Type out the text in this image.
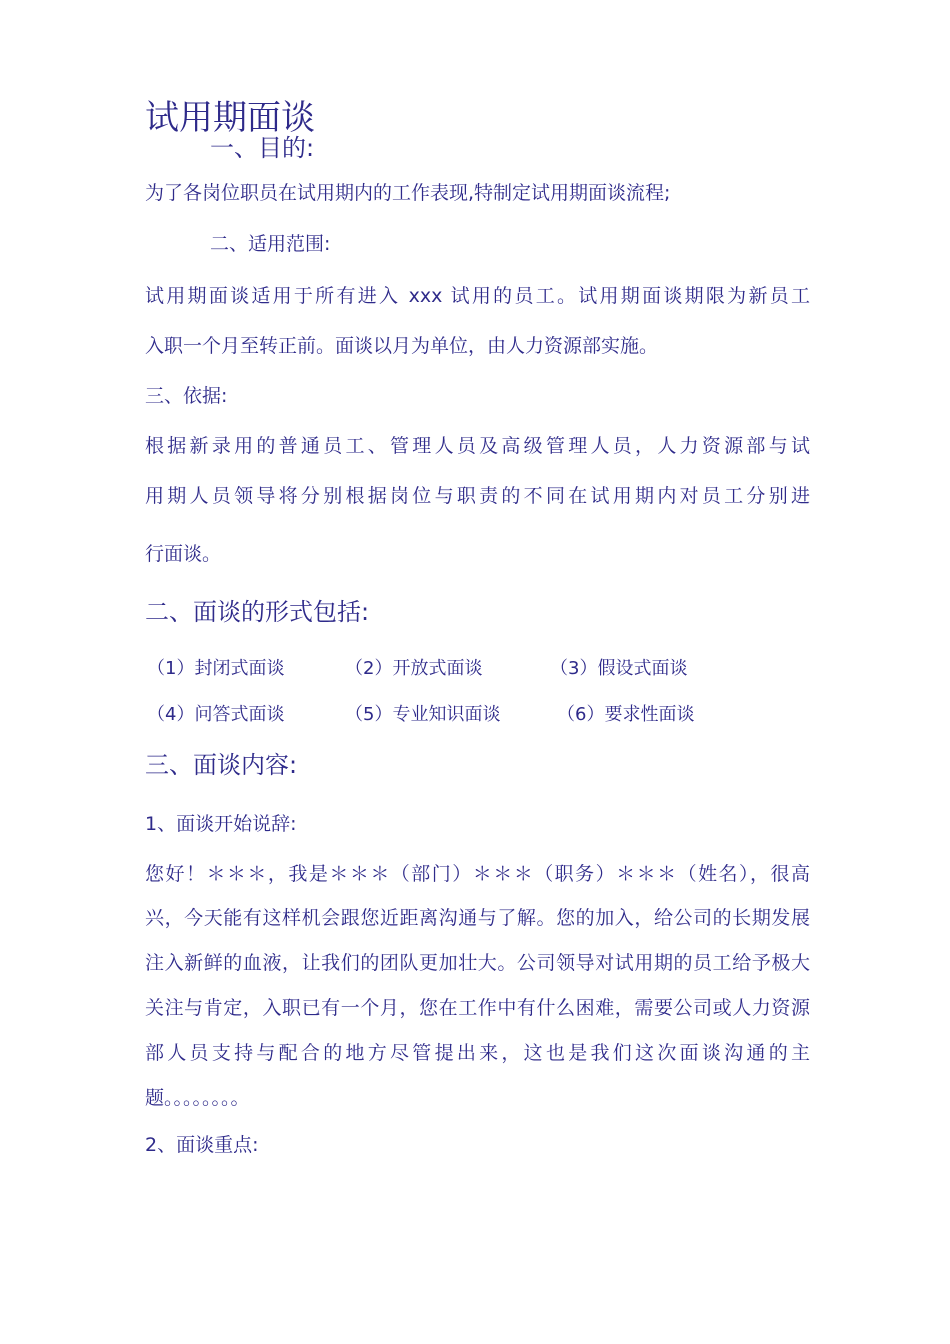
试用期面谈
一、目的:

为了各岗位职员在试用期内的工作表现,特制定试用期面谈流程;

二、适用范围:

试用期面谈适用于所有进入 xxx 试用的员工。试用期面谈期限为新员工

入职一个月至转正前。面谈以月为单位，由人力资源部实施。

三、依据:

根据新录用的普通员工、管理人员及高级管理人员，人力资源部与试

用期人员领导将分别根据岗位与职责的不同在试用期内对员工分别进

行面谈。

二、面谈的形式包括:
（1）封闭式面谈	（2）开放式面谈	（3）假设式面谈
（4）问答式面谈	（5）专业知识面谈	（6）要求性面谈
三、面谈内容:
1、面谈开始说辞:

您好！＊＊＊，我是＊＊＊（部门）＊＊＊（职务）＊＊＊（姓名），很高

兴，今天能有这样机会跟您近距离沟通与了解。您的加入，给公司的长期发展

注入新鲜的血液，让我们的团队更加壮大。公司领导对试用期的员工给予极大

关注与肯定，入职已有一个月，您在工作中有什么困难，需要公司或人力资源

部人员支持与配合的地方尽管提出来，这也是我们这次面谈沟通的主

题。。。。。。。。

2、面谈重点:
